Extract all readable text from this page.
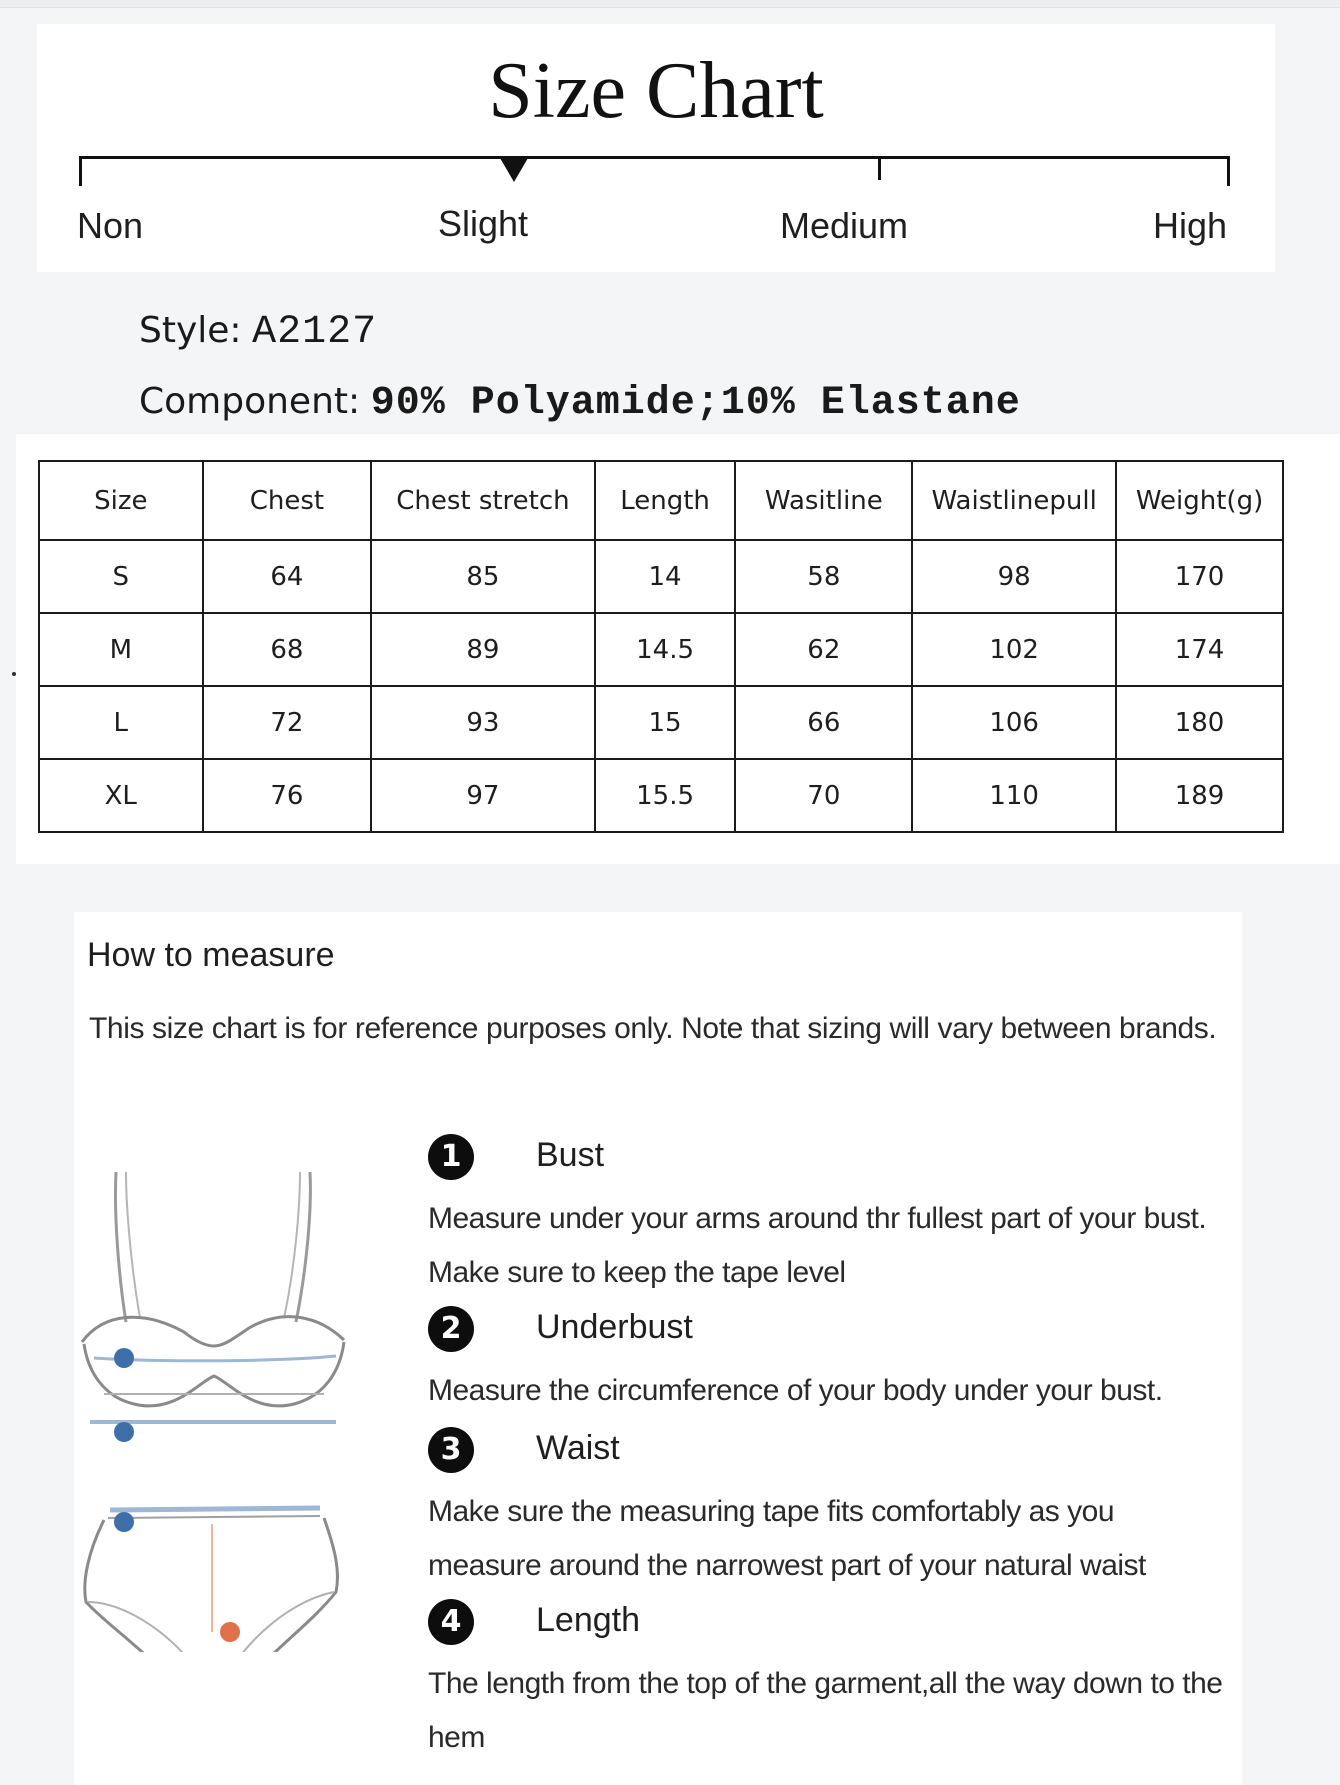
Size Chart
Non	Slight	Medium	High
Style: A2127
Component: 90% Polyamide;10% Elastane
Size	Chest	Chest stretch	Length	Wasitline	Waistlinepull	Weight(g)
S	64	85	14	58	98	170
M	68	89	14.5	62	102	174
L	72	93	15	66	106	180
XL	76	97	15.5	70	110	189
How to measure
This size chart is for reference purposes only. Note that sizing will vary between brands.
1	Bust
Measure under your arms around thr fullest part of your bust. Make sure to keep the tape level
2	Underbust
Measure the circumference of your body under your bust.
3	Waist
Make sure the measuring tape fits comfortably as you measure around the narrowest part of your natural waist
4	Length
The length from the top of the garment,all the way down to the hem
